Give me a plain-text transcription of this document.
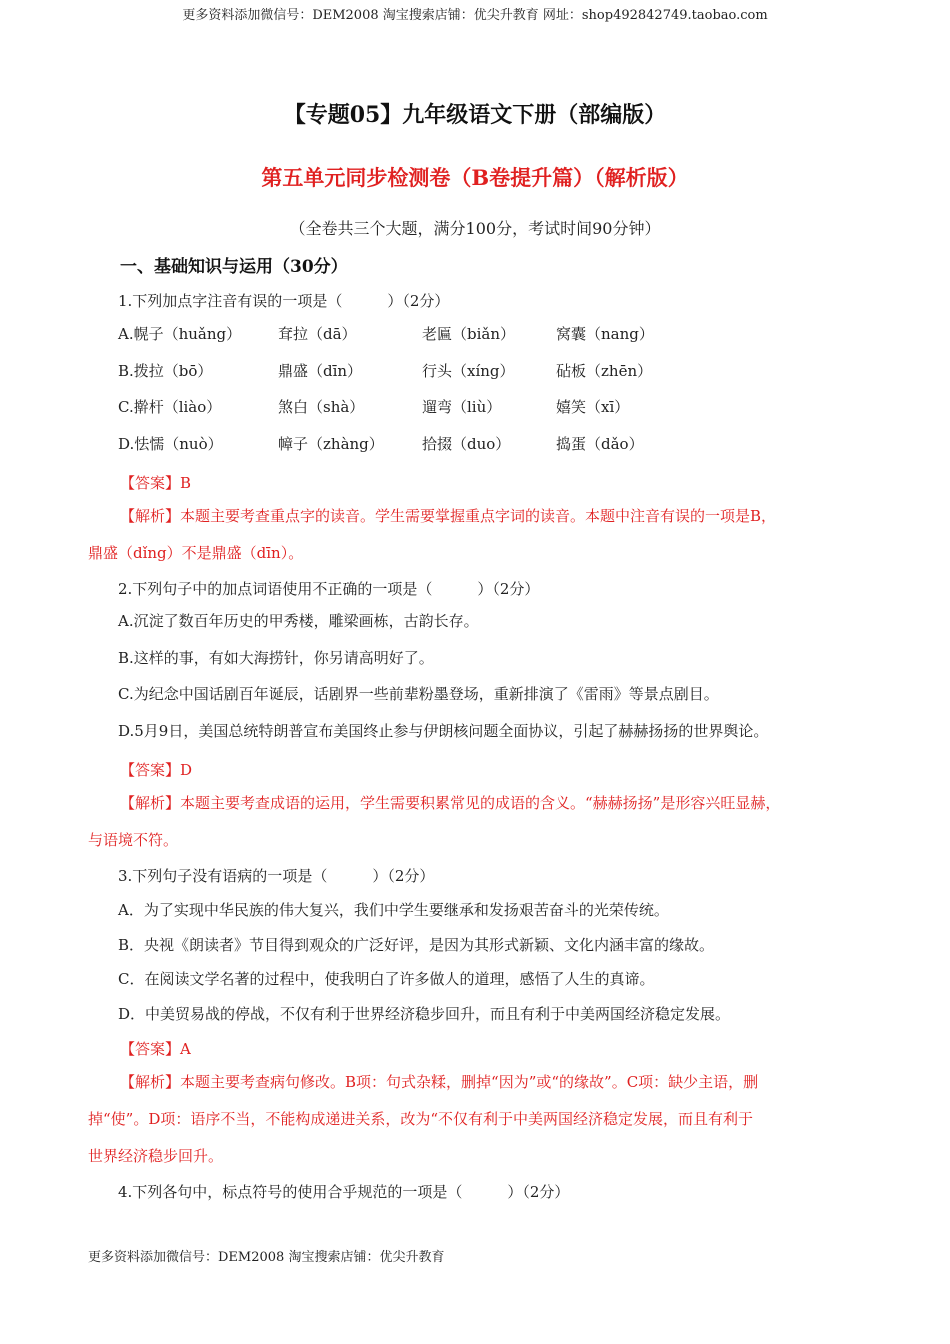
更多资料添加微信号：DEM2008 淘宝搜索店铺：优尖升教育 网址：shop492842749.taobao.com
【专题05】九年级语文下册（部编版）
第五单元同步检测卷（B卷提升篇）（解析版）
（全卷共三个大题，满分100分，考试时间90分钟）
一、基础知识与运用（30分）
1.下列加点字注音有误的一项是（　　　）（2分）
A.幌子（huǎng） 耷拉（dā）	老匾（biǎn）	窝囊（nang）
B.拨拉（bō）	鼎盛（dīn）	行头（xíng）	砧板（zhēn）
C.擀杆（liào）	煞白（shà）	遛弯（liù）	嬉笑（xī）
D.怯懦（nuò）	幛子（zhàng）	拾掇（duo）	捣蛋（dǎo）
【答案】B
【解析】本题主要考查重点字的读音。学生需要掌握重点字词的读音。本题中注音有误的一项是B，
鼎盛（dǐng）不是鼎盛（dīn）。
2.下列句子中的加点词语使用不正确的一项是（　　　）（2分）
A.沉淀了数百年历史的甲秀楼，雕梁画栋，古韵长存。
B.这样的事，有如大海捞针，你另请高明好了。
C.为纪念中国话剧百年诞辰，话剧界一些前辈粉墨登场，重新排演了《雷雨》等景点剧目。
D.5月9日，美国总统特朗普宣布美国终止参与伊朗核问题全面协议，引起了赫赫扬扬的世界舆论。
【答案】D
【解析】本题主要考查成语的运用，学生需要积累常见的成语的含义。“赫赫扬扬”是形容兴旺显赫，
与语境不符。
3.下列句子没有语病的一项是（　　　）（2分）
A．为了实现中华民族的伟大复兴，我们中学生要继承和发扬艰苦奋斗的光荣传统。
B．央视《朗读者》节目得到观众的广泛好评，是因为其形式新颖、文化内涵丰富的缘故。
C．在阅读文学名著的过程中，使我明白了许多做人的道理，感悟了人生的真谛。
D．中美贸易战的停战，不仅有利于世界经济稳步回升，而且有利于中美两国经济稳定发展。
【答案】A
【解析】本题主要考查病句修改。B项：句式杂糅，删掉“因为”或“的缘故”。C项：缺少主语，删
掉“使”。D项：语序不当，不能构成递进关系，改为“不仅有利于中美两国经济稳定发展，而且有利于
世界经济稳步回升。
4.下列各句中，标点符号的使用合乎规范的一项是（　　　）（2分）
更多资料添加微信号：DEM2008 淘宝搜索店铺：优尖升教育
